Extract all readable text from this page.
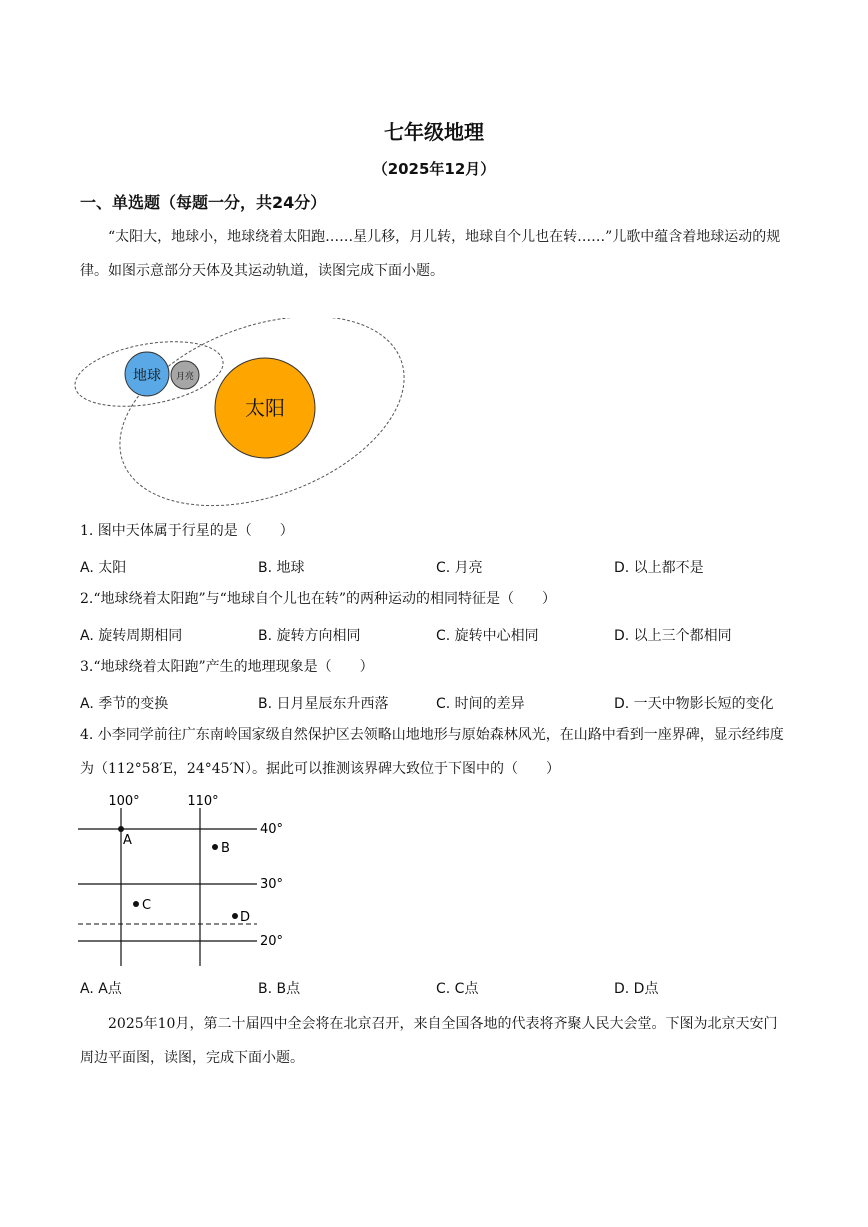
七年级地理
（2025年12月）
一、单选题（每题一分，共24分）
“太阳大，地球小，地球绕着太阳跑……星儿移，月儿转，地球自个儿也在转……”儿歌中蕴含着地球运动的规律。如图示意部分天体及其运动轨道，读图完成下面小题。
地球 月亮
太阳
1. 图中天体属于行星的是（　　）
A. 太阳	B. 地球	C. 月亮	D. 以上都不是
2.“地球绕着太阳跑”与“地球自个儿也在转”的两种运动的相同特征是（　　）
A. 旋转周期相同	B. 旋转方向相同	C. 旋转中心相同	D. 以上三个都相同
3.“地球绕着太阳跑”产生的地理现象是（　　）
A. 季节的变换	B. 日月星辰东升西落	C. 时间的差异	D. 一天中物影长短的变化
4. 小李同学前往广东南岭国家级自然保护区去领略山地地形与原始森林风光，在山路中看到一座界碑，显示经纬度为（112°58′E，24°45′N）。据此可以推测该界碑大致位于下图中的（　　）
100°	110°
40°
30°
20°
A
B
C
D
A. A点	B. B点	C. C点	D. D点
2025年10月，第二十届四中全会将在北京召开，来自全国各地的代表将齐聚人民大会堂。下图为北京天安门周边平面图，读图，完成下面小题。
